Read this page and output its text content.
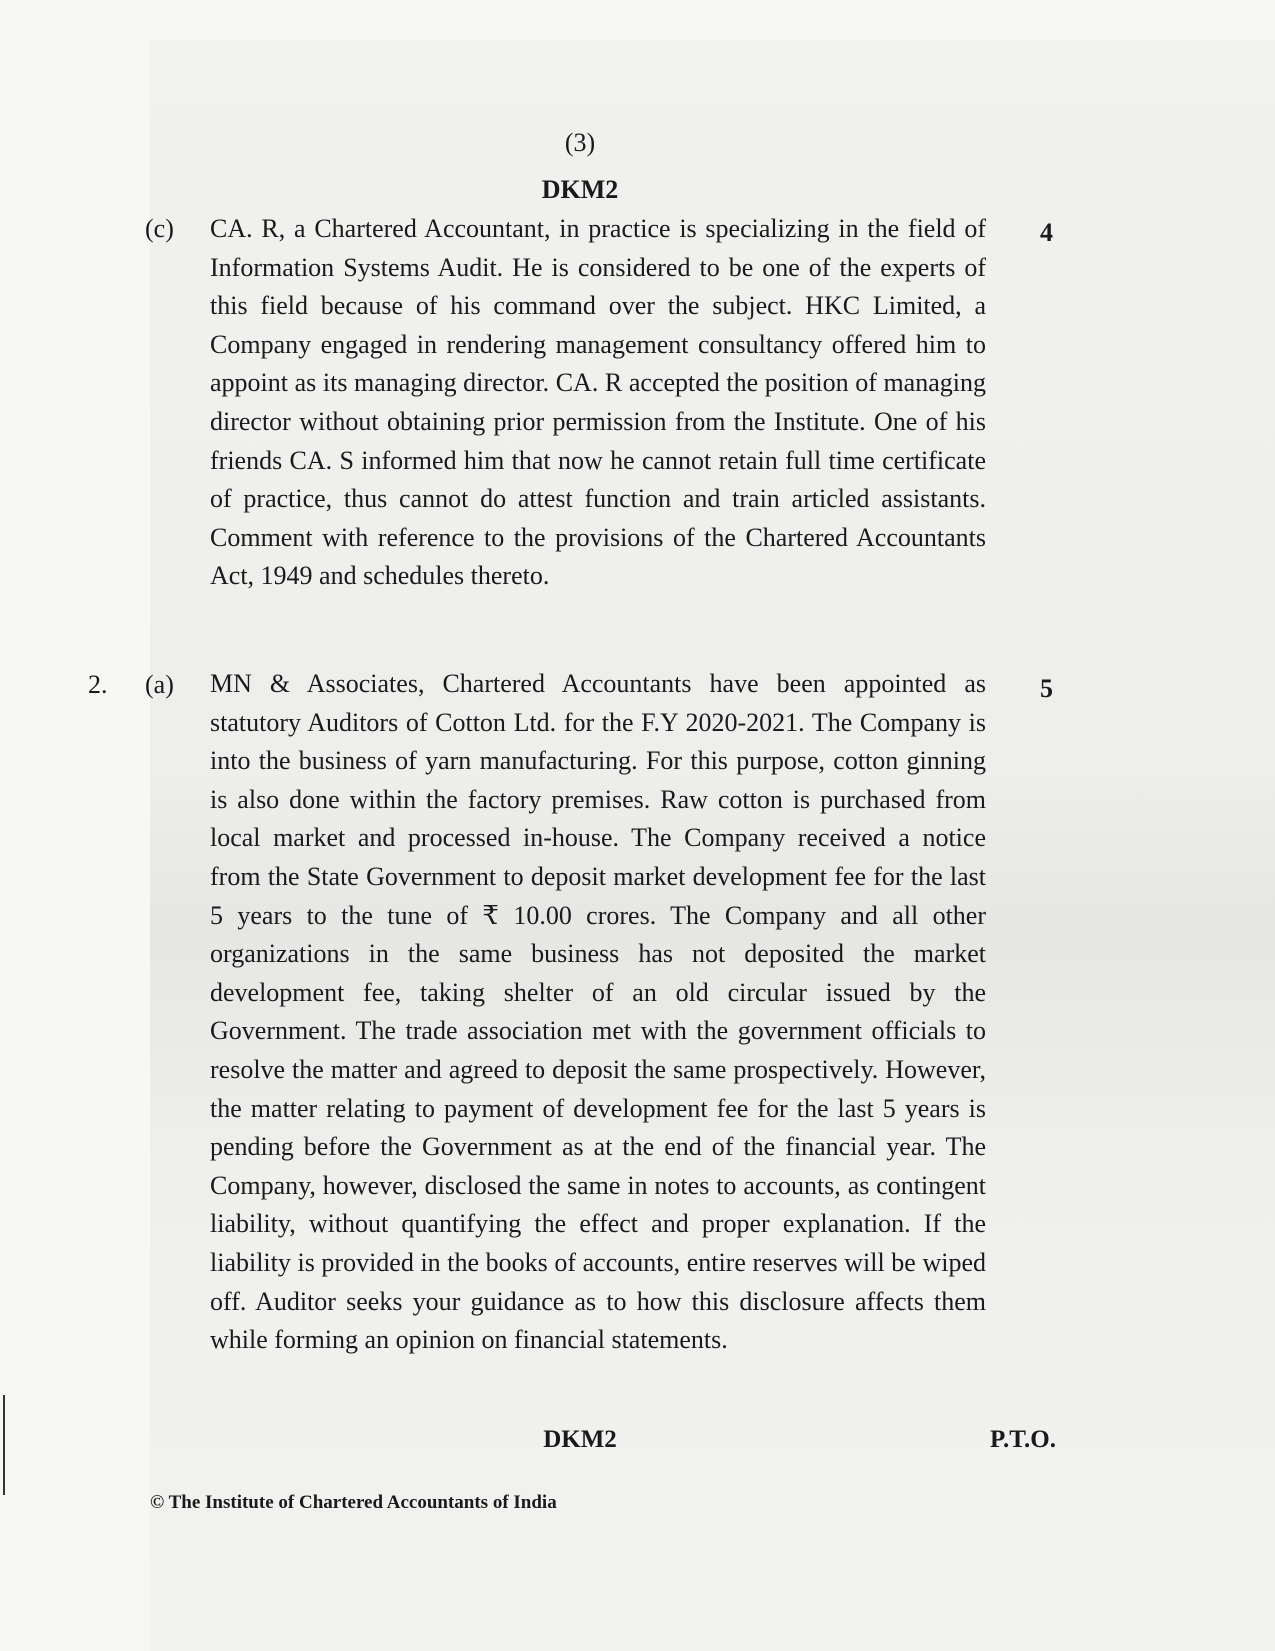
(3)
DKM2
(c)	4
CA. R, a Chartered Accountant, in practice is specializing in the field of Information Systems Audit. He is considered to be one of the experts of this field because of his command over the subject. HKC Limited, a Company engaged in rendering management consultancy offered him to appoint as its managing director. CA. R accepted the position of managing director without obtaining prior permission from the Institute. One of his friends CA. S informed him that now he cannot retain full time certificate of practice, thus cannot do attest function and train articled assistants. Comment with reference to the provisions of the Chartered Accountants Act, 1949 and schedules thereto.
2. (a)	5
MN & Associates, Chartered Accountants have been appointed as statutory Auditors of Cotton Ltd. for the F.Y 2020-2021. The Company is into the business of yarn manufacturing. For this purpose, cotton ginning is also done within the factory premises. Raw cotton is purchased from local market and processed in-house. The Company received a notice from the State Government to deposit market development fee for the last 5 years to the tune of ₹ 10.00 crores. The Company and all other organizations in the same business has not deposited the market development fee, taking shelter of an old circular issued by the Government. The trade association met with the government officials to resolve the matter and agreed to deposit the same prospectively. However, the matter relating to payment of development fee for the last 5 years is pending before the Government as at the end of the financial year. The Company, however, disclosed the same in notes to accounts, as contingent liability, without quantifying the effect and proper explanation. If the liability is provided in the books of accounts, entire reserves will be wiped off. Auditor seeks your guidance as to how this disclosure affects them while forming an opinion on financial statements.
DKM2	P.T.O.
© The Institute of Chartered Accountants of India
